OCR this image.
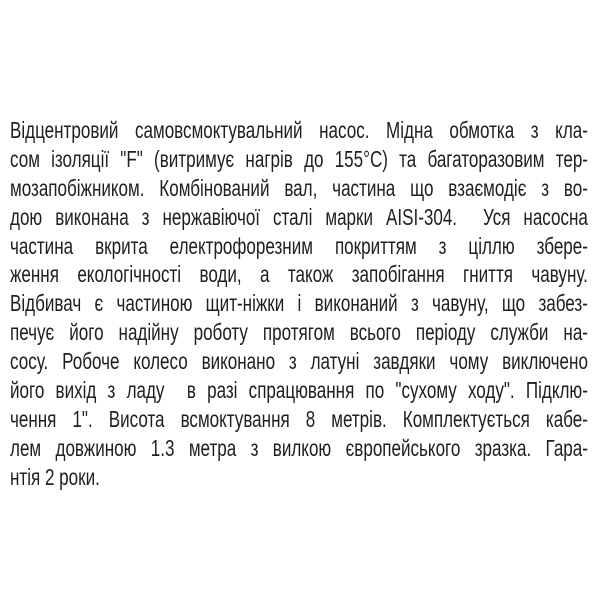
Відцентровий самовсмоктувальний насос. Мідна обмотка з кла-
сом ізоляції "F" (витримує нагрів до 155°C) та багаторазовим тер-
мозапобіжником. Комбінований вал, частина що взаємодіє з во-
дою виконана з нержавіючої сталі марки AISI-304. Уся насосна
частина вкрита електрофорезним покриттям з ціллю збере-
ження екологічності води, а також запобігання гниття чавуну.
Відбивач є частиною щит-ніжки і виконаний з чавуну, що забез-
печує його надійну роботу протягом всього періоду служби на-
сосу. Робоче колесо виконано з латуні завдяки чому виключено
його вихід з ладу в разі спрацювання по "сухому ходу". Підклю-
чення 1". Висота всмоктування 8 метрів. Комплектується кабе-
лем довжиною 1.3 метра з вилкою європейського зразка. Гара-
нтія 2 роки.
